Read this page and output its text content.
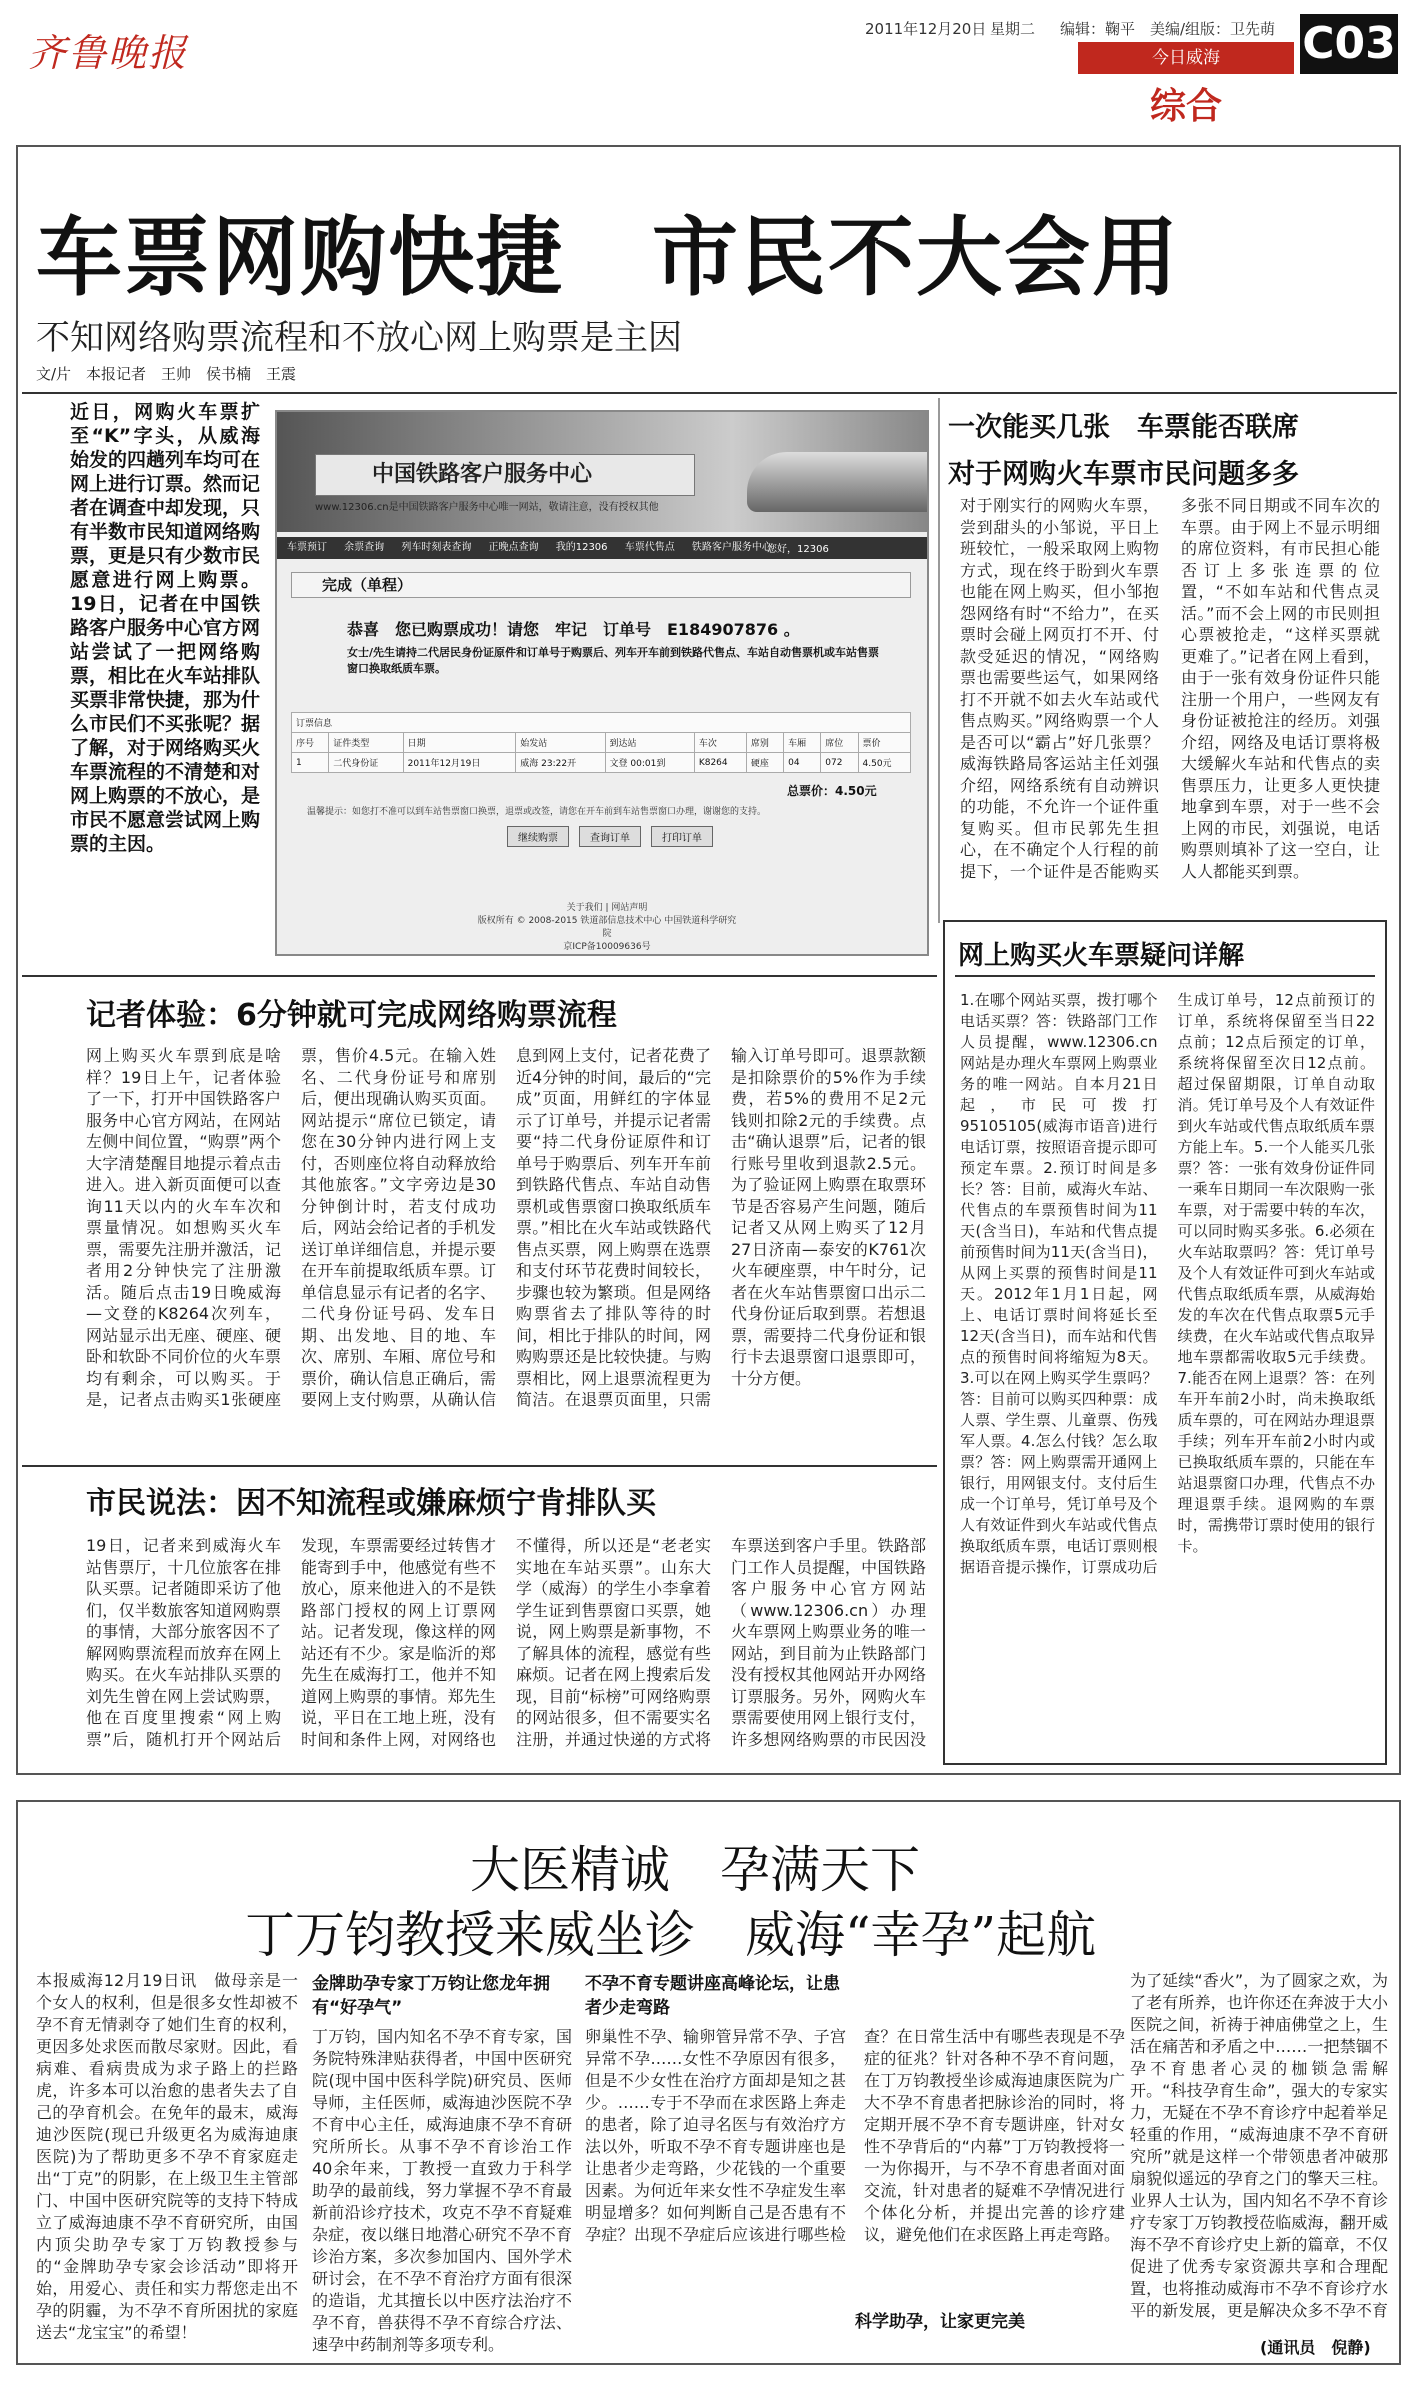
齐鲁晚报
2011年12月20日 星期二 编辑：鞠平 美编/组版：卫先萌
今日威海
综合
C03
车票网购快捷　 市民不大会用
不知网络购票流程和不放心网上购票是主因
文/片　本报记者　王帅　侯书楠　王震
近日，网购火车票扩至“K”字头，从威海始发的四趟列车均可在网上进行订票。然而记者在调查中却发现，只有半数市民知道网络购票，更是只有少数市民愿意进行网上购票。19日，记者在中国铁路客户服务中心官方网站尝试了一把网络购票，相比在火车站排队买票非常快捷，那为什么市民们不买张呢？据了解，对于网络购买火车票流程的不清楚和对网上购票的不放心，是市民不愿意尝试网上购票的主因。
中国铁路客户服务中心
www.12306.cn是中国铁路客户服务中心唯一网站，敬请注意，没有授权其他
车票预订 余票查询 列车时刻表查询 正晚点查询 我的12306 车票代售点 铁路客户服务中心
您好，12306
完成（单程）
恭喜　您已购票成功！请您　牢记　订单号　E184907876 。
女士/先生请持二代居民身份证原件和订单号于购票后、列车开车前到铁路代售点、车站自动售票机或车站售票窗口换取纸质车票。
订票信息									
序号	证件类型	日期	始发站	到达站	车次	席别	车厢	席位	票价
1	二代身份证	2011年12月19日	威海 23:22开	文登 00:01到	K8264	硬座	04	072	4.50元
总票价：4.50元
温馨提示：如您打不准可以到车站售票窗口换票，退票或改签，请您在开车前到车站售票窗口办理，谢谢您的支持。
继续购票	查询订单	打印订单
关于我们 | 网站声明
版权所有 © 2008-2015 铁道部信息技术中心 中国铁道科学研究院
京ICP备10009636号
一次能买几张　车票能否联席
对于网购火车票市民问题多多
对于刚实行的网购火车票，尝到甜头的小邹说，平日上班较忙，一般采取网上购物方式，现在终于盼到火车票也能在网上购买，但小邹抱怨网络有时“不给力”，在买票时会碰上网页打不开、付款受延迟的情况，“网络购票也需要些运气，如果网络打不开就不如去火车站或代售点购买。”网络购票一个人是否可以“霸占”好几张票？威海铁路局客运站主任刘强介绍，网络系统有自动辨识的功能，不允许一个证件重复购买。但市民郭先生担心，在不确定个人行程的前提下，一个证件是否能购买多张不同日期或不同车次的车票。由于网上不显示明细的席位资料，有市民担心能否订上多张连票的位置，“不如车站和代售点灵活。”而不会上网的市民则担心票被抢走，“这样买票就更难了。”记者在网上看到，由于一张有效身份证件只能注册一个用户，一些网友有身份证被抢注的经历。刘强介绍，网络及电话订票将极大缓解火车站和代售点的卖售票压力，让更多人更快捷地拿到车票，对于一些不会上网的市民，刘强说，电话购票则填补了这一空白，让人人都能买到票。
记者体验：6分钟就可完成网络购票流程
网上购买火车票到底是啥样？19日上午，记者体验了一下，打开中国铁路客户服务中心官方网站，在网站左侧中间位置，“购票”两个大字清楚醒目地提示着点击进入。进入新页面便可以查询11天以内的火车车次和票量情况。如想购买火车票，需要先注册并激活，记者用2分钟快完了注册激活。随后点击19日晚威海—文登的K8264次列车，网站显示出无座、硬座、硬卧和软卧不同价位的火车票均有剩余，可以购买。于是，记者点击购买1张硬座票，售价4.5元。在输入姓名、二代身份证号和席别后，便出现确认购买页面。网站提示“席位已锁定，请您在30分钟内进行网上支付，否则座位将自动释放给其他旅客。”文字旁边是30分钟倒计时，若支付成功后，网站会给记者的手机发送订单详细信息，并提示要在开车前提取纸质车票。订单信息显示有记者的名字、二代身份证号码、发车日期、出发地、目的地、车次、席别、车厢、席位号和票价，确认信息正确后，需要网上支付购票，从确认信息到网上支付，记者花费了近4分钟的时间，最后的“完成”页面，用鲜红的字体显示了订单号，并提示记者需要“持二代身份证原件和订单号于购票后、列车开车前到铁路代售点、车站自动售票机或售票窗口换取纸质车票。”相比在火车站或铁路代售点买票，网上购票在选票和支付环节花费时间较长，步骤也较为繁琐。但是网络购票省去了排队等待的时间，相比于排队的时间，网购购票还是比较快捷。与购票相比，网上退票流程更为简洁。在退票页面里，只需输入订单号即可。退票款额是扣除票价的5%作为手续费，若5%的费用不足2元钱则扣除2元的手续费。点击“确认退票”后，记者的银行账号里收到退款2.5元。为了验证网上购票在取票环节是否容易产生问题，随后记者又从网上购买了12月27日济南—泰安的K761次火车硬座票，中午时分，记者在火车站售票窗口出示二代身份证后取到票。若想退票，需要持二代身份证和银行卡去退票窗口退票即可，十分方便。
市民说法：因不知流程或嫌麻烦宁肯排队买
19日，记者来到威海火车站售票厅，十几位旅客在排队买票。记者随即采访了他们，仅半数旅客知道网购票的事情，大部分旅客因不了解网购票流程而放弃在网上购买。在火车站排队买票的刘先生曾在网上尝试购票，他在百度里搜索“网上购票”后，随机打开个网站后发现，车票需要经过转售才能寄到手中，他感觉有些不放心，原来他进入的不是铁路部门授权的网上订票网站。记者发现，像这样的网站还有不少。家是临沂的郑先生在威海打工，他并不知道网上购票的事情。郑先生说，平日在工地上班，没有时间和条件上网，对网络也不懂得，所以还是“老老实实地在车站买票”。山东大学（威海）的学生小李拿着学生证到售票窗口买票，她说，网上购票是新事物，不了解具体的流程，感觉有些麻烦。记者在网上搜索后发现，目前“标榜”可网络购票的网站很多，但不需要实名注册，并通过快递的方式将车票送到客户手里。铁路部门工作人员提醒，中国铁路客户服务中心官方网站（www.12306.cn）办理火车票网上购票业务的唯一网站，到目前为止铁路部门没有授权其他网站开办网络订票服务。另外，网购火车票需要使用网上银行支付，许多想网络购票的市民因没
网上购买火车票疑问详解
1.在哪个网站买票，拨打哪个电话买票？答：铁路部门工作人员提醒，www.12306.cn网站是办理火车票网上购票业务的唯一网站。自本月21日起，市民可拨打95105105(威海市语音)进行电话订票，按照语音提示即可预定车票。2.预订时间是多长？答：目前，威海火车站、代售点的车票预售时间为11天(含当日)，车站和代售点提前预售时间为11天(含当日)，从网上买票的预售时间是11天。2012年1月1日起，网上、电话订票时间将延长至12天(含当日)，而车站和代售点的预售时间将缩短为8天。3.可以在网上购买学生票吗？答：目前可以购买四种票：成人票、学生票、儿童票、伤残军人票。4.怎么付钱？怎么取票？答：网上购票需开通网上银行，用网银支付。支付后生成一个订单号，凭订单号及个人有效证件到火车站或代售点换取纸质车票，电话订票则根据语音提示操作，订票成功后生成订单号，12点前预订的订单，系统将保留至当日22点前；12点后预定的订单，系统将保留至次日12点前。超过保留期限，订单自动取消。凭订单号及个人有效证件到火车站或代售点取纸质车票方能上车。5.一个人能买几张票？答：一张有效身份证件同一乘车日期同一车次限购一张车票，对于需要中转的车次，可以同时购买多张。6.必须在火车站取票吗？答：凭订单号及个人有效证件可到火车站或代售点取纸质车票，从威海始发的车次在代售点取票5元手续费，在火车站或代售点取异地车票都需收取5元手续费。7.能否在网上退票？答：在列车开车前2小时，尚未换取纸质车票的，可在网站办理退票手续；列车开车前2小时内或已换取纸质车票的，只能在车站退票窗口办理，代售点不办理退票手续。退网购的车票时，需携带订票时使用的银行卡。
大医精诚　孕满天下
丁万钧教授来威坐诊　威海“幸孕”起航
本报威海12月19日讯　做母亲是一个女人的权利，但是很多女性却被不孕不育无情剥夺了她们生育的权利，更因多处求医而散尽家财。因此，看病难、看病贵成为求子路上的拦路虎，许多本可以治愈的患者失去了自己的孕育机会。在免年的最末，威海迪沙医院(现已升级更名为威海迪康医院)为了帮助更多不孕不育家庭走出“丁克”的阴影，在上级卫生主管部门、中国中医研究院等的支持下特成立了威海迪康不孕不育研究所，由国内顶尖助孕专家丁万钧教授参与的“金牌助孕专家会诊活动”即将开始，用爱心、责任和实力帮您走出不孕的阴霾，为不孕不育所困扰的家庭送去“龙宝宝”的希望！
金牌助孕专家丁万钧让您龙年拥有“好孕气”
丁万钧，国内知名不孕不育专家，国务院特殊津贴获得者，中国中医研究院(现中国中医科学院)研究员、医师导师，主任医师，威海迪沙医院不孕不育中心主任，威海迪康不孕不育研究所所长。从事不孕不育诊治工作40余年来，丁教授一直致力于科学助孕的最前线，努力掌握不孕不育最新前沿诊疗技术，攻克不孕不育疑难杂症，夜以继日地潜心研究不孕不育诊治方案，多次参加国内、国外学术研讨会，在不孕不育治疗方面有很深的造诣，尤其擅长以中医疗法治疗不孕不育，兽获得不孕不育综合疗法、速孕中药制剂等多项专利。
不孕不育专题讲座高峰论坛，让患者少走弯路
卵巢性不孕、输卵管异常不孕、子宫异常不孕……女性不孕原因有很多，但是不少女性在治疗方面却是知之甚少。……专于不孕而在求医路上奔走的患者，除了迫寻名医与有效治疗方法以外，听取不孕不育专题讲座也是让患者少走弯路，少花钱的一个重要因素。为何近年来女性不孕症发生率明显增多？如何判断自己是否患有不孕症？出现不孕症后应该进行哪些检查？在日常生活中有哪些表现是不孕症的征兆？针对各种不孕不育问题，在丁万钧教授坐诊威海迪康医院为广大不孕不育患者把脉诊治的同时，将定期开展不孕不育专题讲座，针对女性不孕背后的“内幕”丁万钧教授将一一为你揭开，与不孕不育患者面对面交流，针对患者的疑难不孕情况进行个体化分析，并提出完善的诊疗建议，避免他们在求医路上再走弯路。
科学助孕，让家更完美
为了延续“香火”，为了圆家之欢，为了老有所养，也许你还在奔波于大小医院之间，祈祷于神庙佛堂之上，生活在痛苦和矛盾之中……一把禁锢不孕不育患者心灵的枷锁急需解开。“科技孕育生命”，强大的专家实力，无疑在不孕不育诊疗中起着举足轻重的作用，“威海迪康不孕不育研究所”就是这样一个带领患者冲破那扇貌似遥远的孕育之门的擎天三柱。业界人士认为，国内知名不孕不育诊疗专家丁万钧教授莅临威海，翻开威海不孕不育诊疗史上新的篇章，不仅促进了优秀专家资源共享和合理配置，也将推动威海市不孕不育诊疗水平的新发展，更是解决众多不孕不育
(通讯员　倪静)
